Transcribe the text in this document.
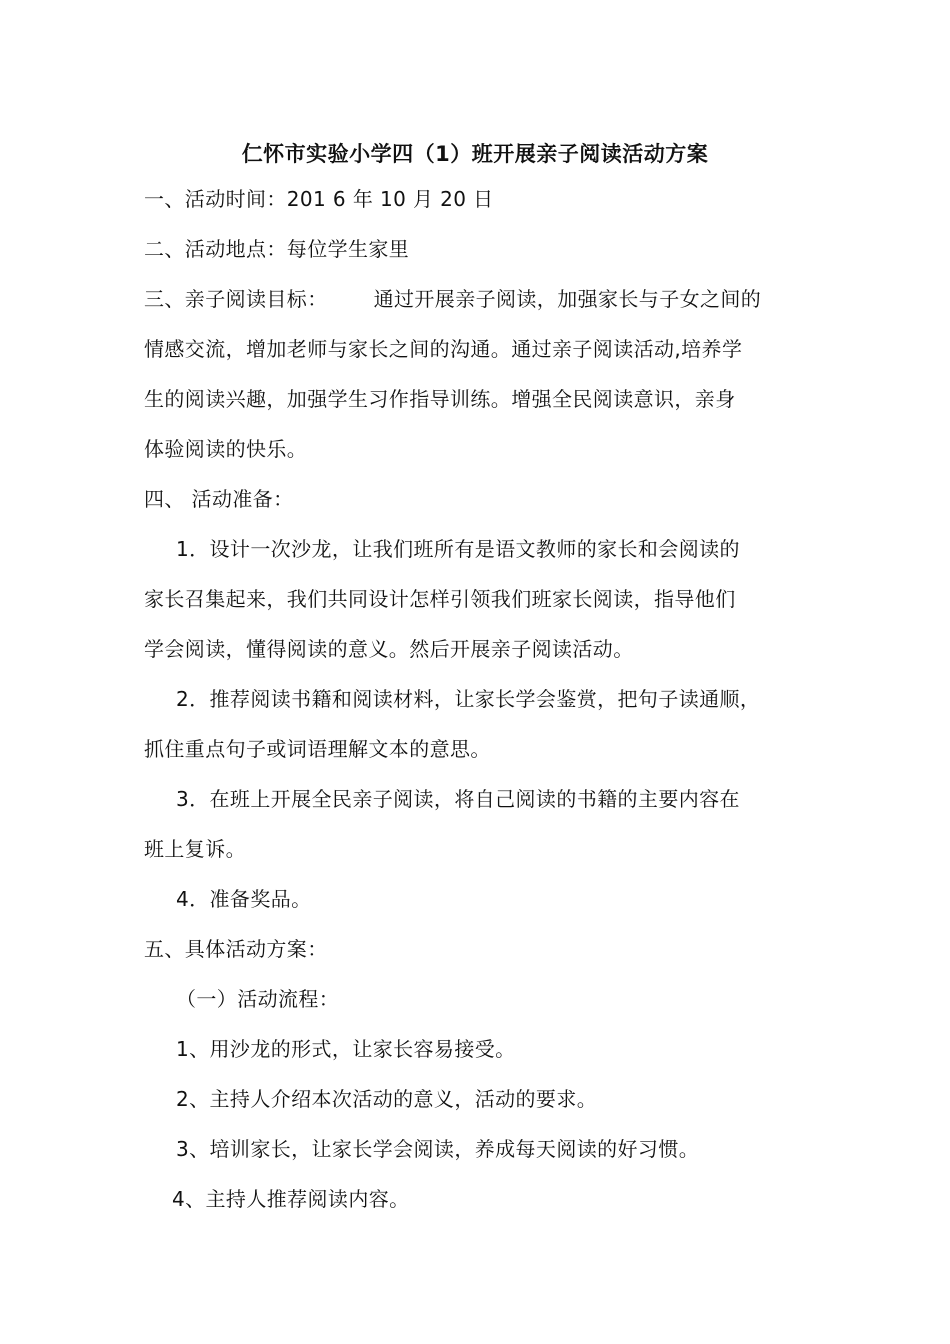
仁怀市实验小学四（1）班开展亲子阅读活动方案
一、活动时间：201 6 年 10 月 20 日
二、活动地点：每位学生家里
三、亲子阅读目标： 通过开展亲子阅读，加强家长与子女之间的
情感交流，增加老师与家长之间的沟通。通过亲子阅读活动,培养学
生的阅读兴趣，加强学生习作指导训练。增强全民阅读意识，亲身
体验阅读的快乐。
四、 活动准备：
1．设计一次沙龙，让我们班所有是语文教师的家长和会阅读的
家长召集起来，我们共同设计怎样引领我们班家长阅读，指导他们
学会阅读，懂得阅读的意义。然后开展亲子阅读活动。
2．推荐阅读书籍和阅读材料，让家长学会鉴赏，把句子读通顺，
抓住重点句子或词语理解文本的意思。
3．在班上开展全民亲子阅读，将自己阅读的书籍的主要内容在
班上复诉。
4．准备奖品。
五、具体活动方案：
（一）活动流程：
1、用沙龙的形式，让家长容易接受。
2、主持人介绍本次活动的意义，活动的要求。
3、培训家长，让家长学会阅读，养成每天阅读的好习惯。
4、主持人推荐阅读内容。
